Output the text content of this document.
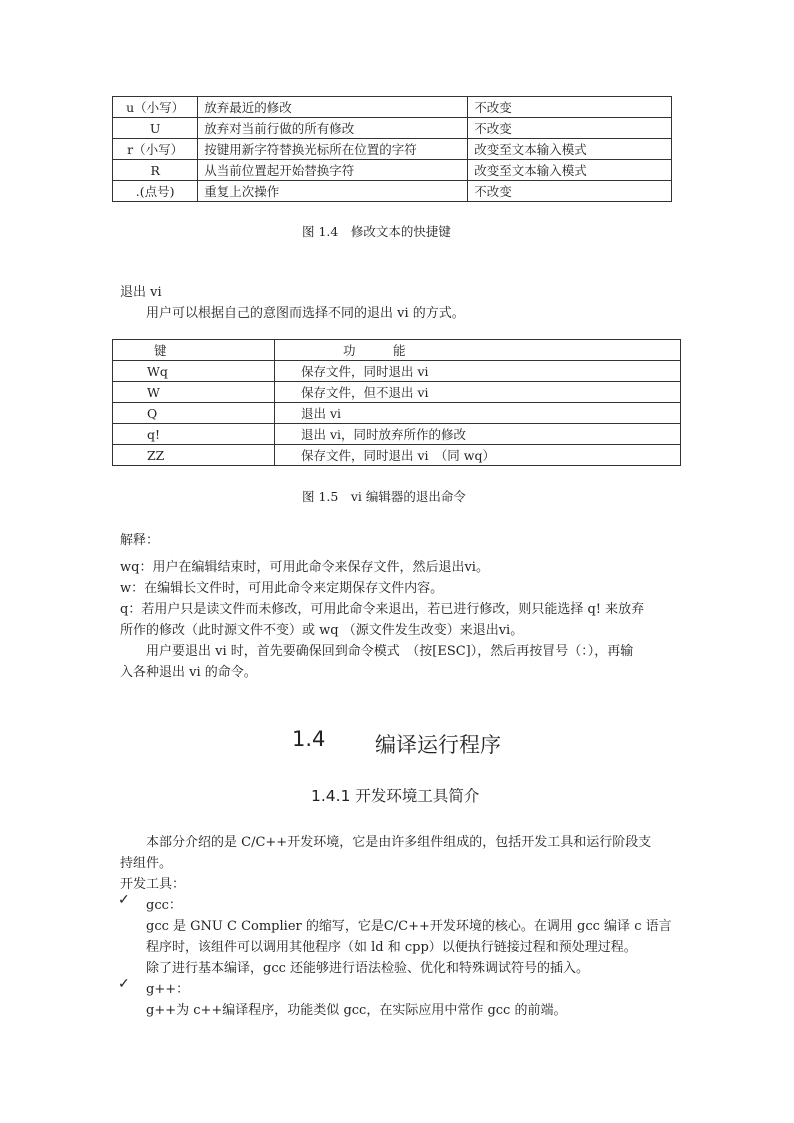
u（小写）	放弃最近的修改	不改变
U	放弃对当前行做的所有修改	不改变
r（小写）	按键用新字符替换光标所在位置的字符	改变至文本输入模式
R	从当前位置起开始替换字符	改变至文本输入模式
.(点号)	重复上次操作	不改变
图 1.4　修改文本的快捷键
退出 vi
用户可以根据自己的意图而选择不同的退出 vi 的方式。
键	功　　　能
Wq	保存文件，同时退出 vi
W	保存文件，但不退出 vi
Q	退出 vi
q!	退出 vi，同时放弃所作的修改
ZZ	保存文件，同时退出 vi　（同 wq）
图 1.5　vi 编辑器的退出命令
解释：
wq：用户在编辑结束时，可用此命令来保存文件，然后退出vi。
w：在编辑长文件时，可用此命令来定期保存文件内容。
q：若用户只是读文件而未修改，可用此命令来退出，若已进行修改，则只能选择 q! 来放弃
所作的修改（此时源文件不变）或 wq （源文件发生改变）来退出vi。
用户要退出 vi 时，首先要确保回到命令模式　（按[ESC]），然后再按冒号（：），再输
入各种退出 vi 的命令。
1.4 编译运行程序
1.4.1 开发环境工具简介
本部分介绍的是 C/C++开发环境，它是由许多组件组成的，包括开发工具和运行阶段支
持组件。
开发工具：
✓ gcc：
gcc 是 GNU C Complier 的缩写，它是C/C++开发环境的核心。在调用 gcc 编译 c 语言
程序时，该组件可以调用其他程序（如 ld 和 cpp）以便执行链接过程和预处理过程。
除了进行基本编译，gcc 还能够进行语法检验、优化和特殊调试符号的插入。
✓ g++：
g++为 c++编译程序，功能类似 gcc，在实际应用中常作 gcc 的前端。
